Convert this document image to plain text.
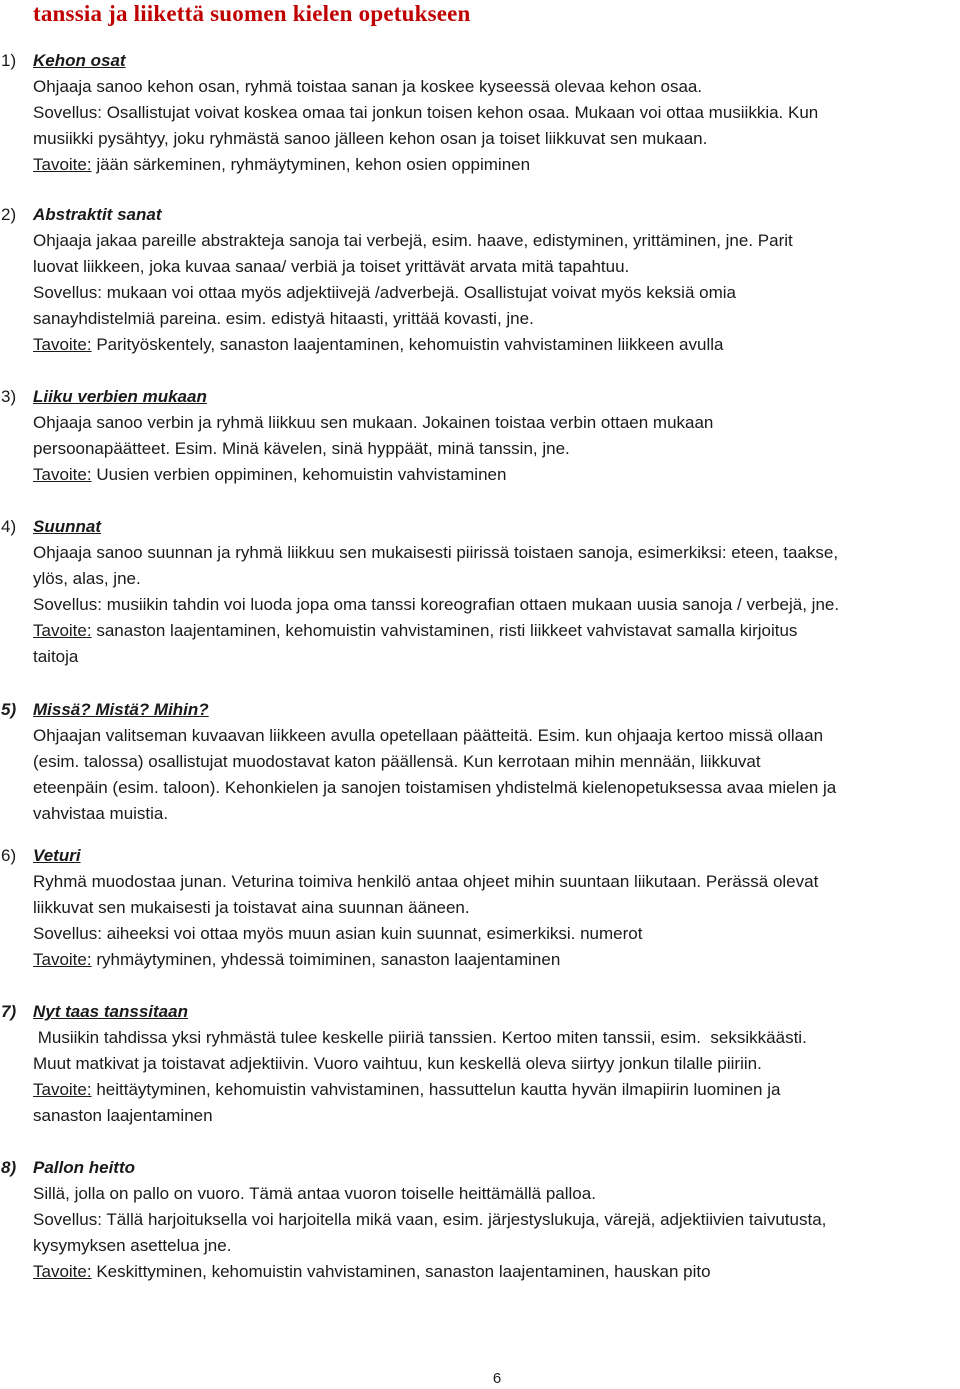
tanssia ja liikettä suomen kielen opetukseen
1) Kehon osat
Ohjaaja sanoo kehon osan, ryhmä toistaa sanan ja koskee kyseessä olevaa kehon osaa.
Sovellus: Osallistujat voivat koskea omaa tai jonkun toisen kehon osaa. Mukaan voi ottaa musiikkia. Kun
musiikki pysähtyy, joku ryhmästä sanoo jälleen kehon osan ja toiset liikkuvat sen mukaan.
Tavoite: jään särkeminen, ryhmäytyminen, kehon osien oppiminen
2) Abstraktit sanat
Ohjaaja jakaa pareille abstrakteja sanoja tai verbejä, esim. haave, edistyminen, yrittäminen, jne. Parit
luovat liikkeen, joka kuvaa sanaa/ verbiä ja toiset yrittävät arvata mitä tapahtuu.
Sovellus: mukaan voi ottaa myös adjektiivejä /adverbejä. Osallistujat voivat myös keksiä omia
sanayhdistelmiä pareina. esim. edistyä hitaasti, yrittää kovasti, jne.
Tavoite: Parityöskentely, sanaston laajentaminen, kehomuistin vahvistaminen liikkeen avulla
3) Liiku verbien mukaan
Ohjaaja sanoo verbin ja ryhmä liikkuu sen mukaan. Jokainen toistaa verbin ottaen mukaan
persoonapäätteet. Esim. Minä kävelen, sinä hyppäät, minä tanssin, jne.
Tavoite: Uusien verbien oppiminen, kehomuistin vahvistaminen
4) Suunnat
Ohjaaja sanoo suunnan ja ryhmä liikkuu sen mukaisesti piirissä toistaen sanoja, esimerkiksi: eteen, taakse,
ylös, alas, jne.
Sovellus: musiikin tahdin voi luoda jopa oma tanssi koreografian ottaen mukaan uusia sanoja / verbejä, jne.
Tavoite: sanaston laajentaminen, kehomuistin vahvistaminen, risti liikkeet vahvistavat samalla kirjoitus
taitoja
5) Missä? Mistä? Mihin?
Ohjaajan valitseman kuvaavan liikkeen avulla opetellaan päätteitä. Esim. kun ohjaaja kertoo missä ollaan
(esim. talossa) osallistujat muodostavat katon päällensä. Kun kerrotaan mihin mennään, liikkuvat
eteenpäin (esim. taloon). Kehonkielen ja sanojen toistamisen yhdistelmä kielenopetuksessa avaa mielen ja
vahvistaa muistia.
6) Veturi
Ryhmä muodostaa junan. Veturina toimiva henkilö antaa ohjeet mihin suuntaan liikutaan. Perässä olevat
liikkuvat sen mukaisesti ja toistavat aina suunnan ääneen.
Sovellus: aiheeksi voi ottaa myös muun asian kuin suunnat, esimerkiksi. numerot
Tavoite: ryhmäytyminen, yhdessä toimiminen, sanaston laajentaminen
7) Nyt taas tanssitaan
Musiikin tahdissa yksi ryhmästä tulee keskelle piiriä tanssien. Kertoo miten tanssii, esim.  seksikkäästi.
Muut matkivat ja toistavat adjektiivin. Vuoro vaihtuu, kun keskellä oleva siirtyy jonkun tilalle piiriin.
Tavoite: heittäytyminen, kehomuistin vahvistaminen, hassuttelun kautta hyvän ilmapiirin luominen ja
sanaston laajentaminen
8) Pallon heitto
Sillä, jolla on pallo on vuoro. Tämä antaa vuoron toiselle heittämällä palloa.
Sovellus: Tällä harjoituksella voi harjoitella mikä vaan, esim. järjestyslukuja, värejä, adjektiivien taivutusta,
kysymyksen asettelua jne.
Tavoite: Keskittyminen, kehomuistin vahvistaminen, sanaston laajentaminen, hauskan pito
6
